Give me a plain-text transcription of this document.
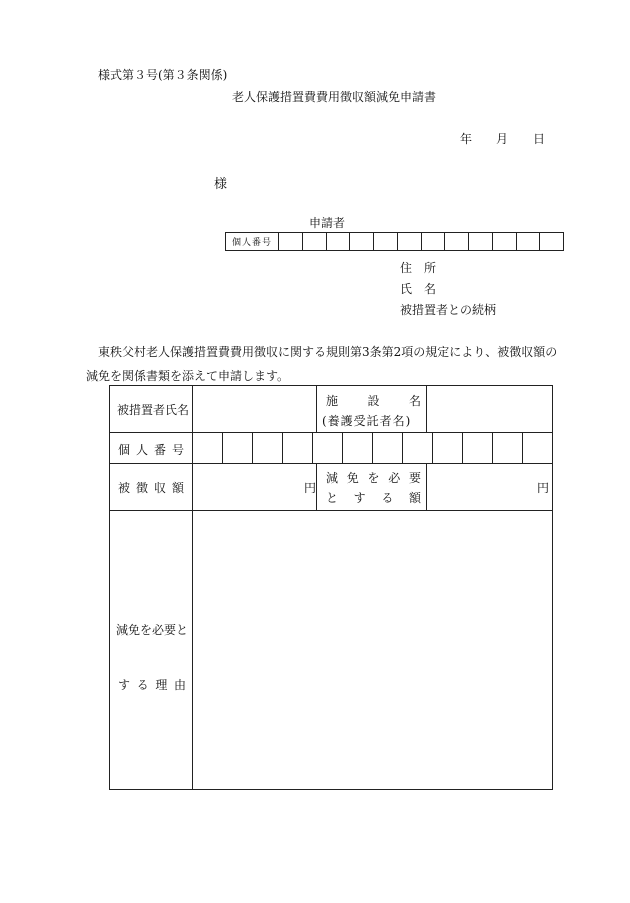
様式第３号(第３条関係)
老人保護措置費費用徴収額減免申請書
年 月 日
様
申請者
個人番号
住 所
氏 名
被措置者との続柄
　東秩父村老人保護措置費費用徴収に関する規則第3条第2項の規定により、被徴収額の
減免を関係書類を添えて申請します。
被措置者氏名
施 設 名
(養護受託者名)
個 人 番 号
被 徴 収 額	円
減 免 を 必 要
と す る 額
円
減免を必要と
す る 理 由
